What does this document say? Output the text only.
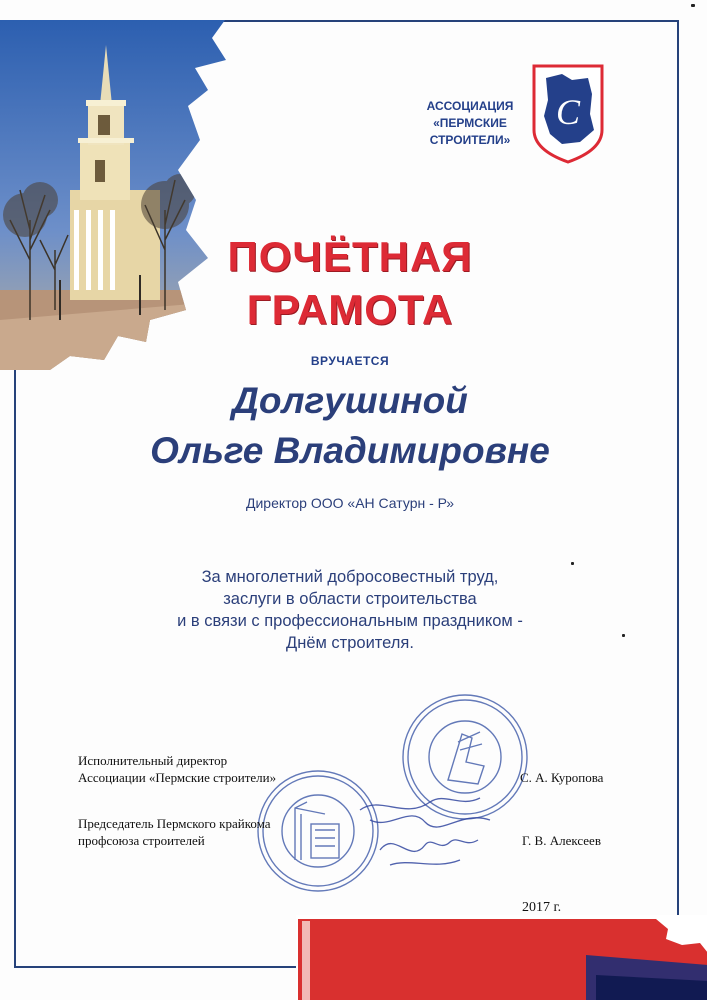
АССОЦИАЦИЯ
«ПЕРМСКИЕ
СТРОИТЕЛИ»
С
ПОЧЁТНАЯ
ГРАМОТА
ВРУЧАЕТСЯ
Долгушиной
Ольге Владимировне
Директор ООО «АН Сатурн - Р»
За многолетний добросовестный труд,
заслуги в области строительства
и в связи с профессиональным праздником -
Днём строителя.
Исполнительный директор
Ассоциации «Пермские строители»	С. А. Куропова
Председатель Пермского крайкома
профсоюза строителей	Г. В. Алексеев
2017 г.
